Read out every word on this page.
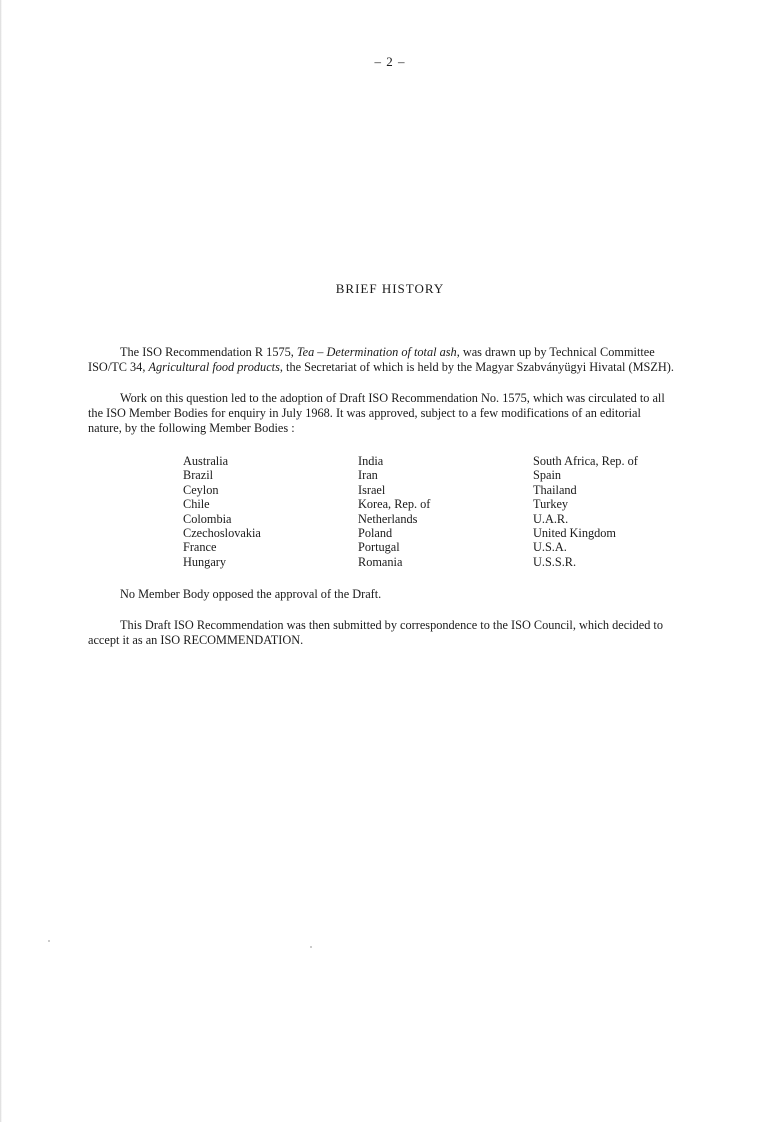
– 2 –
BRIEF HISTORY

The ISO Recommendation R 1575, Tea – Determination of total ash, was drawn up by Technical Committee
ISO/TC 34, Agricultural food products, the Secretariat of which is held by the Magyar Szabványügyi Hivatal (MSZH).

Work on this question led to the adoption of Draft ISO Recommendation No. 1575, which was circulated to all
the ISO Member Bodies for enquiry in July 1968. It was approved, subject to a few modifications of an editorial
nature, by the following Member Bodies :

Australia
Brazil
Ceylon
Chile
Colombia
Czechoslovakia
France
Hungary
India
Iran
Israel
Korea, Rep. of
Netherlands
Poland
Portugal
Romania
South Africa, Rep. of
Spain
Thailand
Turkey
U.A.R.
United Kingdom
U.S.A.
U.S.S.R.

No Member Body opposed the approval of the Draft.

This Draft ISO Recommendation was then submitted by correspondence to the ISO Council, which decided to
accept it as an ISO RECOMMENDATION.
